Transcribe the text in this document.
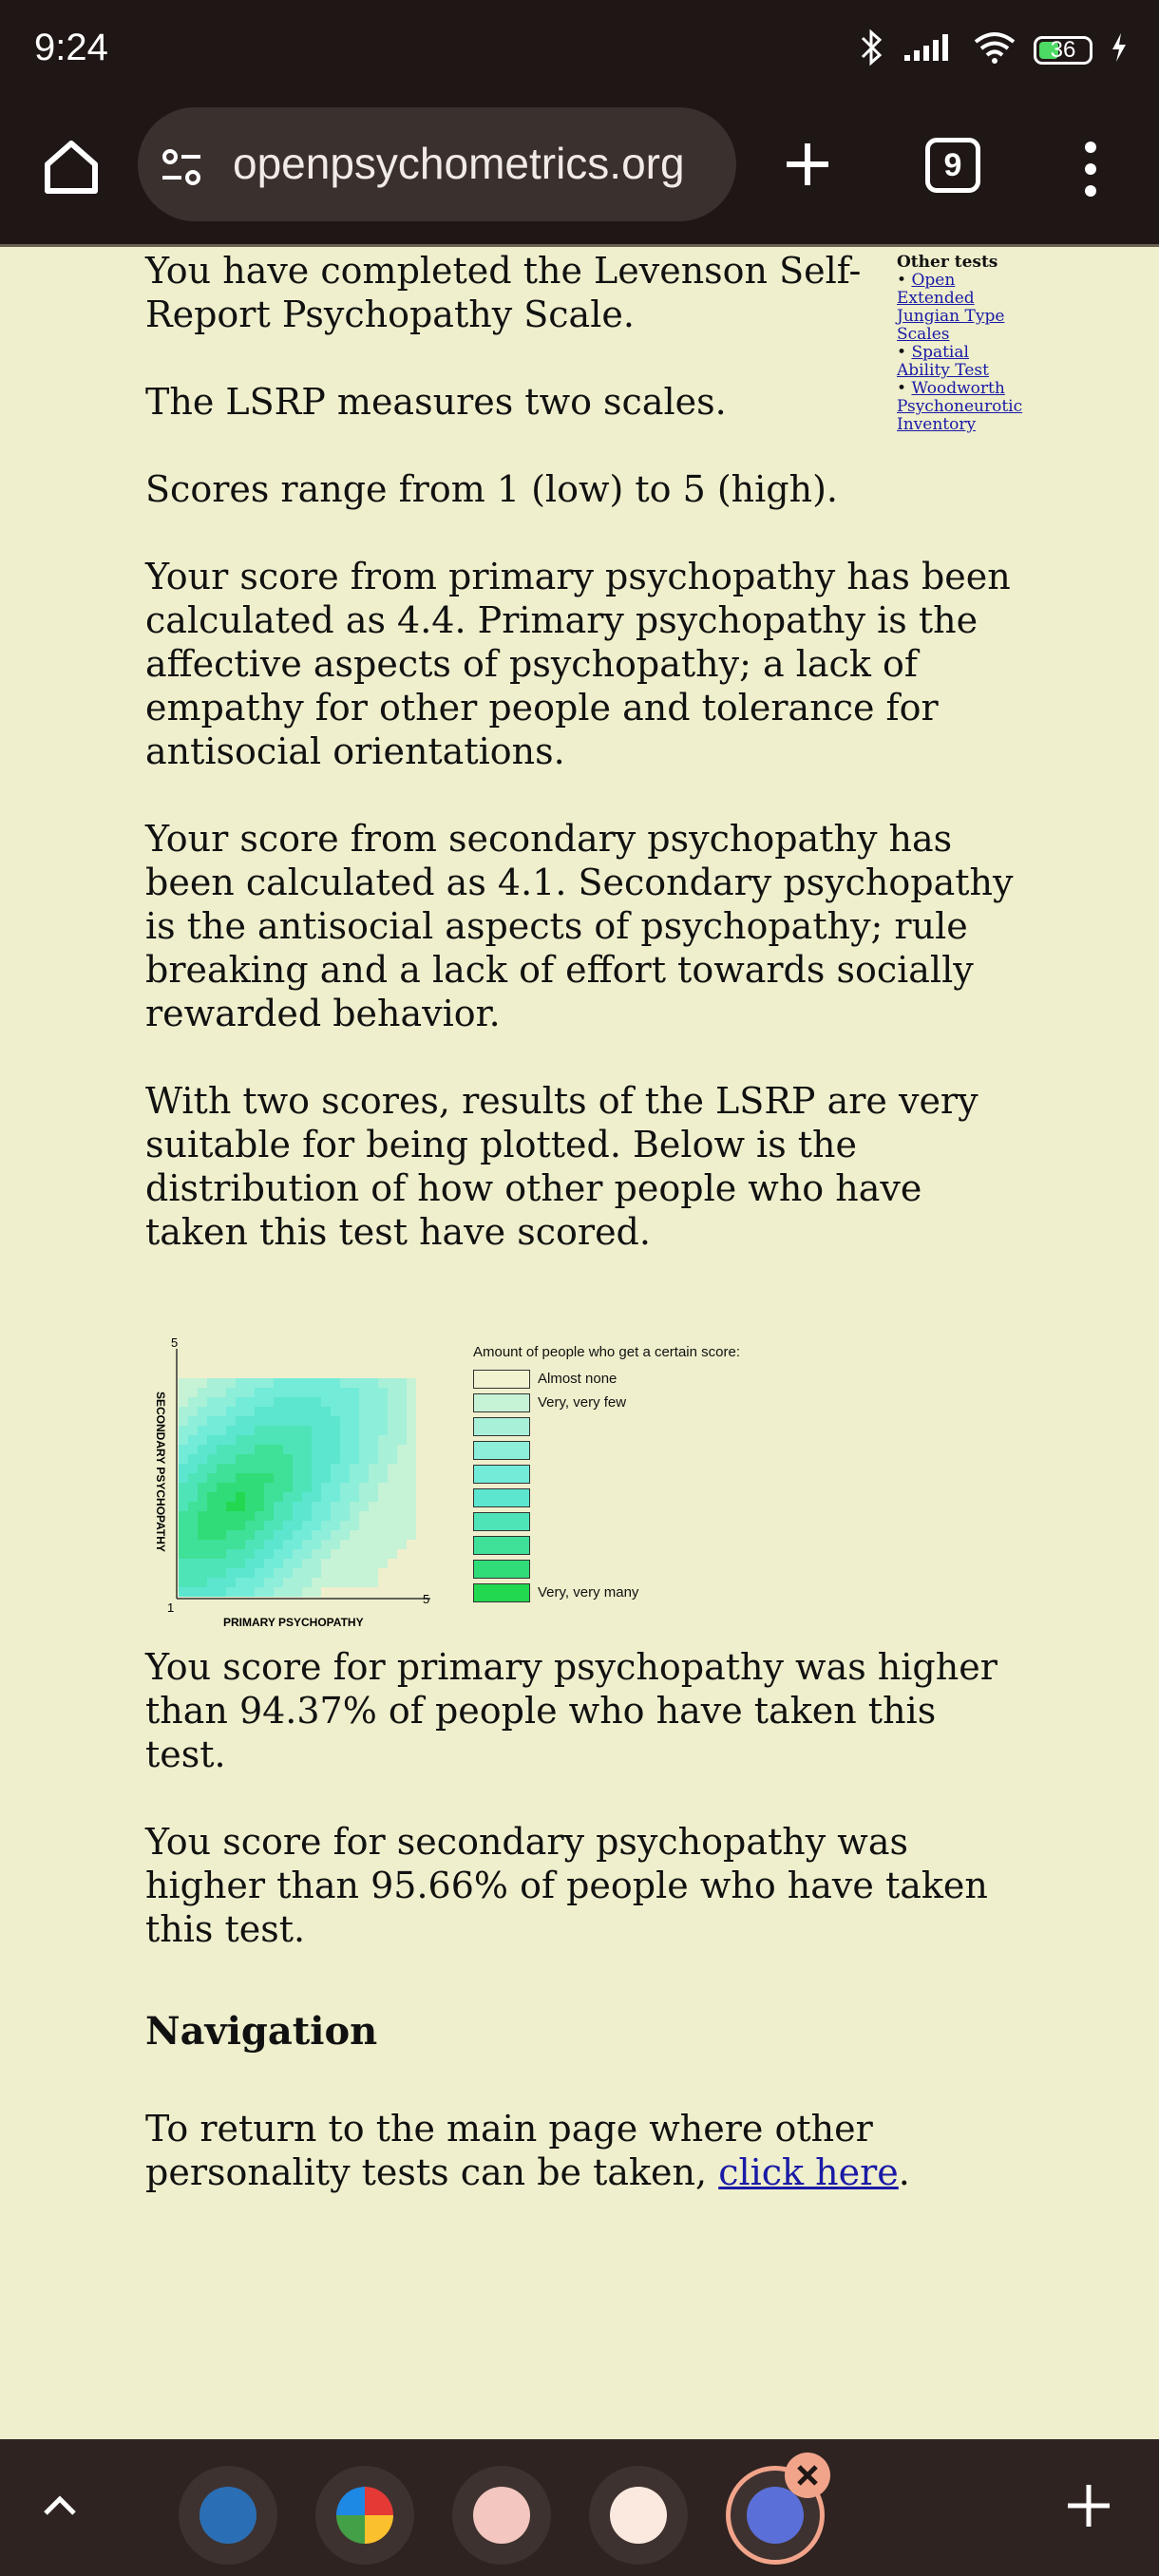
9:24	36
openpsychometrics.org	9
Other tests
• Open
Extended
Jungian Type
Scales
• Spatial
Ability Test
• Woodworth
Psychoneurotic
Inventory

You have completed the Levenson Self-Report Psychopathy Scale.

The LSRP measures two scales.

Scores range from 1 (low) to 5 (high).

Your score from primary psychopathy has been calculated as 4.4. Primary psychopathy is the affective aspects of psychopathy; a lack of empathy for other people and tolerance for antisocial orientations.

Your score from secondary psychopathy has been calculated as 4.1. Secondary psychopathy is the antisocial aspects of psychopathy; rule breaking and a lack of effort towards socially rewarded behavior.

With two scores, results of the LSRP are very suitable for being plotted. Below is the distribution of how other people who have taken this test have scored.

5
1
5
PRIMARY PSYCHOPATHY
SECONDARY PSYCHOPATHY
Amount of people who get a certain score:
Almost none
Very, very few
Very, very many

You score for primary psychopathy was higher than 94.37% of people who have taken this test.

You score for secondary psychopathy was higher than 95.66% of people who have taken this test.

Navigation

To return to the main page where other personality tests can be taken, click here.
